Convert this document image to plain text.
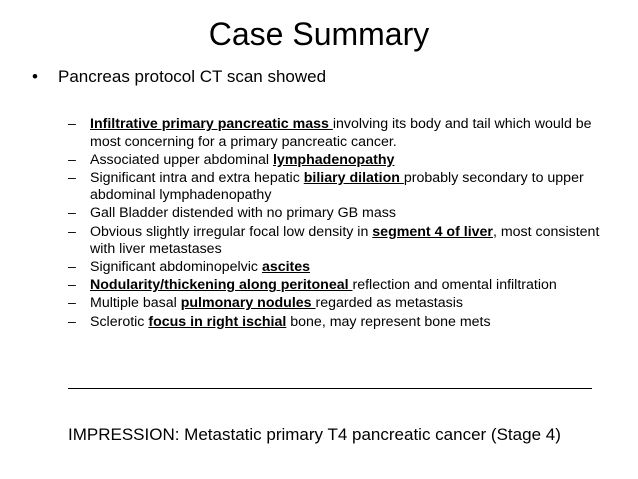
Case Summary
• Pancreas protocol CT scan showed
– Infiltrative primary pancreatic mass involving its body and tail which would be most concerning for a primary pancreatic cancer.
– Associated upper abdominal lymphadenopathy
– Significant intra and extra hepatic biliary dilation probably secondary to upper abdominal lymphadenopathy
– Gall Bladder distended with no primary GB mass
– Obvious slightly irregular focal low density in segment 4 of liver, most consistent with liver metastases
– Significant abdominopelvic ascites
– Nodularity/thickening along peritoneal reflection and omental infiltration
– Multiple basal pulmonary nodules regarded as metastasis
– Sclerotic focus in right ischial bone, may represent bone mets
IMPRESSION: Metastatic primary T4 pancreatic cancer (Stage 4)
